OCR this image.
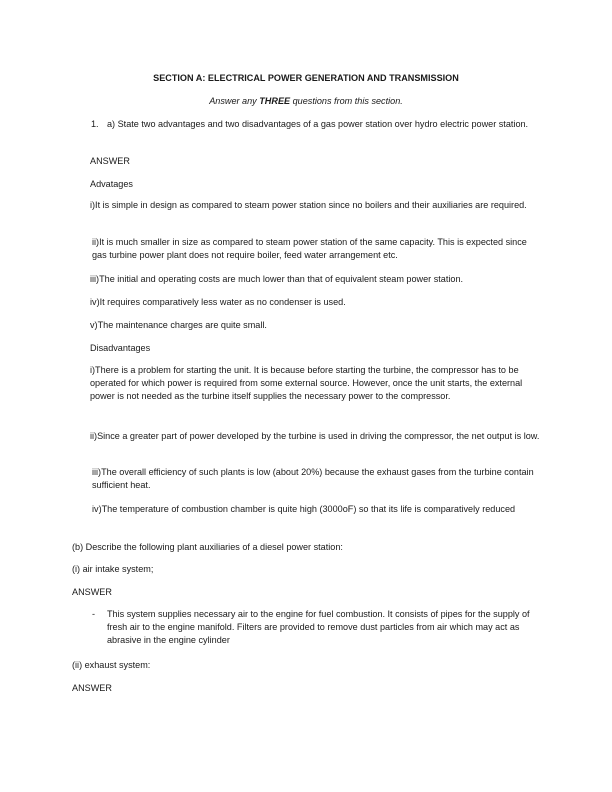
SECTION A: ELECTRICAL POWER GENERATION AND TRANSMISSION

Answer any THREE questions from this section.

1. a) State two advantages and two disadvantages of a gas power station over hydro electric power station.

ANSWER

Advatages

i)It is simple in design as compared to steam power station since no boilers and their auxiliaries are required.

ii)It is much smaller in size as compared to steam power station of the same capacity. This is expected since gas turbine power plant does not require boiler, feed water arrangement etc.

iii)The initial and operating costs are much lower than that of equivalent steam power station.

iv)It requires comparatively less water as no condenser is used.

v)The maintenance charges are quite small.

Disadvantages

i)There is a problem for starting the unit. It is because before starting the turbine, the compressor has to be operated for which power is required from some external source. However, once the unit starts, the external power is not needed as the turbine itself supplies the necessary power to the compressor.

ii)Since a greater part of power developed by the turbine is used in driving the compressor, the net output is low.

iii)The overall efficiency of such plants is low (about 20%) because the exhaust gases from the turbine contain sufficient heat.

iv)The temperature of combustion chamber is quite high (3000oF) so that its life is comparatively reduced

(b) Describe the following plant auxiliaries of a diesel power station:

(i) air intake system;

ANSWER

- This system supplies necessary air to the engine for fuel combustion. It consists of pipes for the supply of fresh air to the engine manifold. Filters are provided to remove dust particles from air which may act as abrasive in the engine cylinder

(ii) exhaust system:

ANSWER
